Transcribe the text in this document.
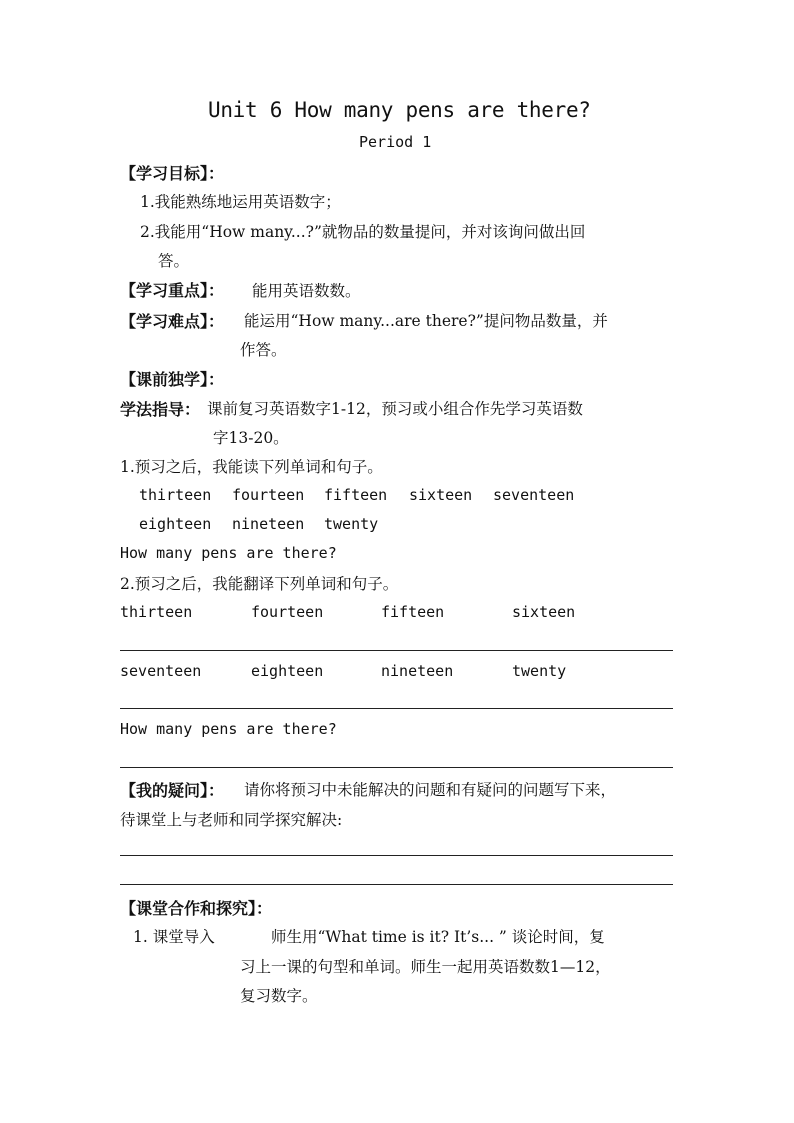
Unit 6 How many pens are there?
Period 1
【学习目标】：
1.我能熟练地运用英语数字；
2.我能用“How many...?”就物品的数量提问，并对该询问做出回
答。
【学习重点】： 能用英语数数。
【学习难点】： 能运用“How many...are there?”提问物品数量，并
作答。
【课前独学】：
学法指导： 课前复习英语数字1-12，预习或小组合作先学习英语数
字13-20。
1.预习之后，我能读下列单词和句子。
thirteen fourteen fifteen sixteen seventeen
eighteen nineteen twenty
How many pens are there?
2.预习之后，我能翻译下列单词和句子。
thirteen	fourteen	fifteen	sixteen
seventeen	eighteen	nineteen	twenty
How many pens are there?
【我的疑问】： 请你将预习中未能解决的问题和有疑问的问题写下来，
待课堂上与老师和同学探究解决:
【课堂合作和探究】：
1. 课堂导入	师生用“What time is it? It’s... ” 谈论时间，复
习上一课的句型和单词。师生一起用英语数数1—12，
复习数字。
